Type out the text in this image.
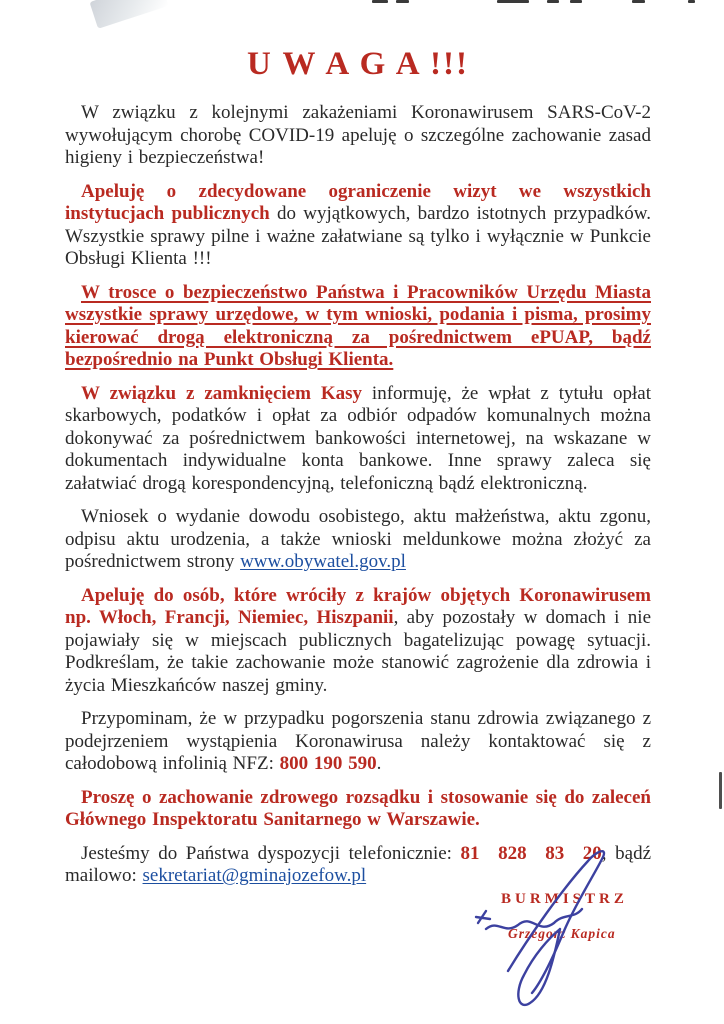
U W A G A !!!

W związku z kolejnymi zakażeniami Koronawirusem SARS-CoV-2 wywołującym chorobę COVID-19 apeluję o szczególne zachowanie zasad higieny i bezpieczeństwa!

Apeluję o zdecydowane ograniczenie wizyt we wszystkich instytucjach publicznych do wyjątkowych, bardzo istotnych przypadków. Wszystkie sprawy pilne i ważne załatwiane są tylko i wyłącznie w Punkcie Obsługi Klienta !!!

W trosce o bezpieczeństwo Państwa i Pracowników Urzędu Miasta wszystkie sprawy urzędowe, w tym wnioski, podania i pisma, prosimy kierować drogą elektroniczną za pośrednictwem ePUAP, bądź bezpośrednio na Punkt Obsługi Klienta.

W związku z zamknięciem Kasy informuję, że wpłat z tytułu opłat skarbowych, podatków i opłat za odbiór odpadów komunalnych można dokonywać za pośrednictwem bankowości internetowej, na wskazane w dokumentach indywidualne konta bankowe. Inne sprawy zaleca się załatwiać drogą korespondencyjną, telefoniczną bądź elektroniczną.

Wniosek o wydanie dowodu osobistego, aktu małżeństwa, aktu zgonu, odpisu aktu urodzenia, a także wnioski meldunkowe można złożyć za pośrednictwem strony www.obywatel.gov.pl

Apeluję do osób, które wróciły z krajów objętych Koronawirusem np. Włoch, Francji, Niemiec, Hiszpanii, aby pozostały w domach i nie pojawiały się w miejscach publicznych bagatelizując powagę sytuacji. Podkreślam, że takie zachowanie może stanowić zagrożenie dla zdrowia i życia Mieszkańców naszej gminy.

Przypominam, że w przypadku pogorszenia stanu zdrowia związanego z podejrzeniem wystąpienia Koronawirusa należy kontaktować się z całodobową infolinią NFZ: 800 190 590.

Proszę o zachowanie zdrowego rozsądku i stosowanie się do zaleceń Głównego Inspektoratu Sanitarnego w Warszawie.

Jesteśmy do Państwa dyspozycji telefonicznie: 81 828 83 20, bądź mailowo: sekretariat@gminajozefow.pl

BURMISTRZ
Grzegorz Kapica
